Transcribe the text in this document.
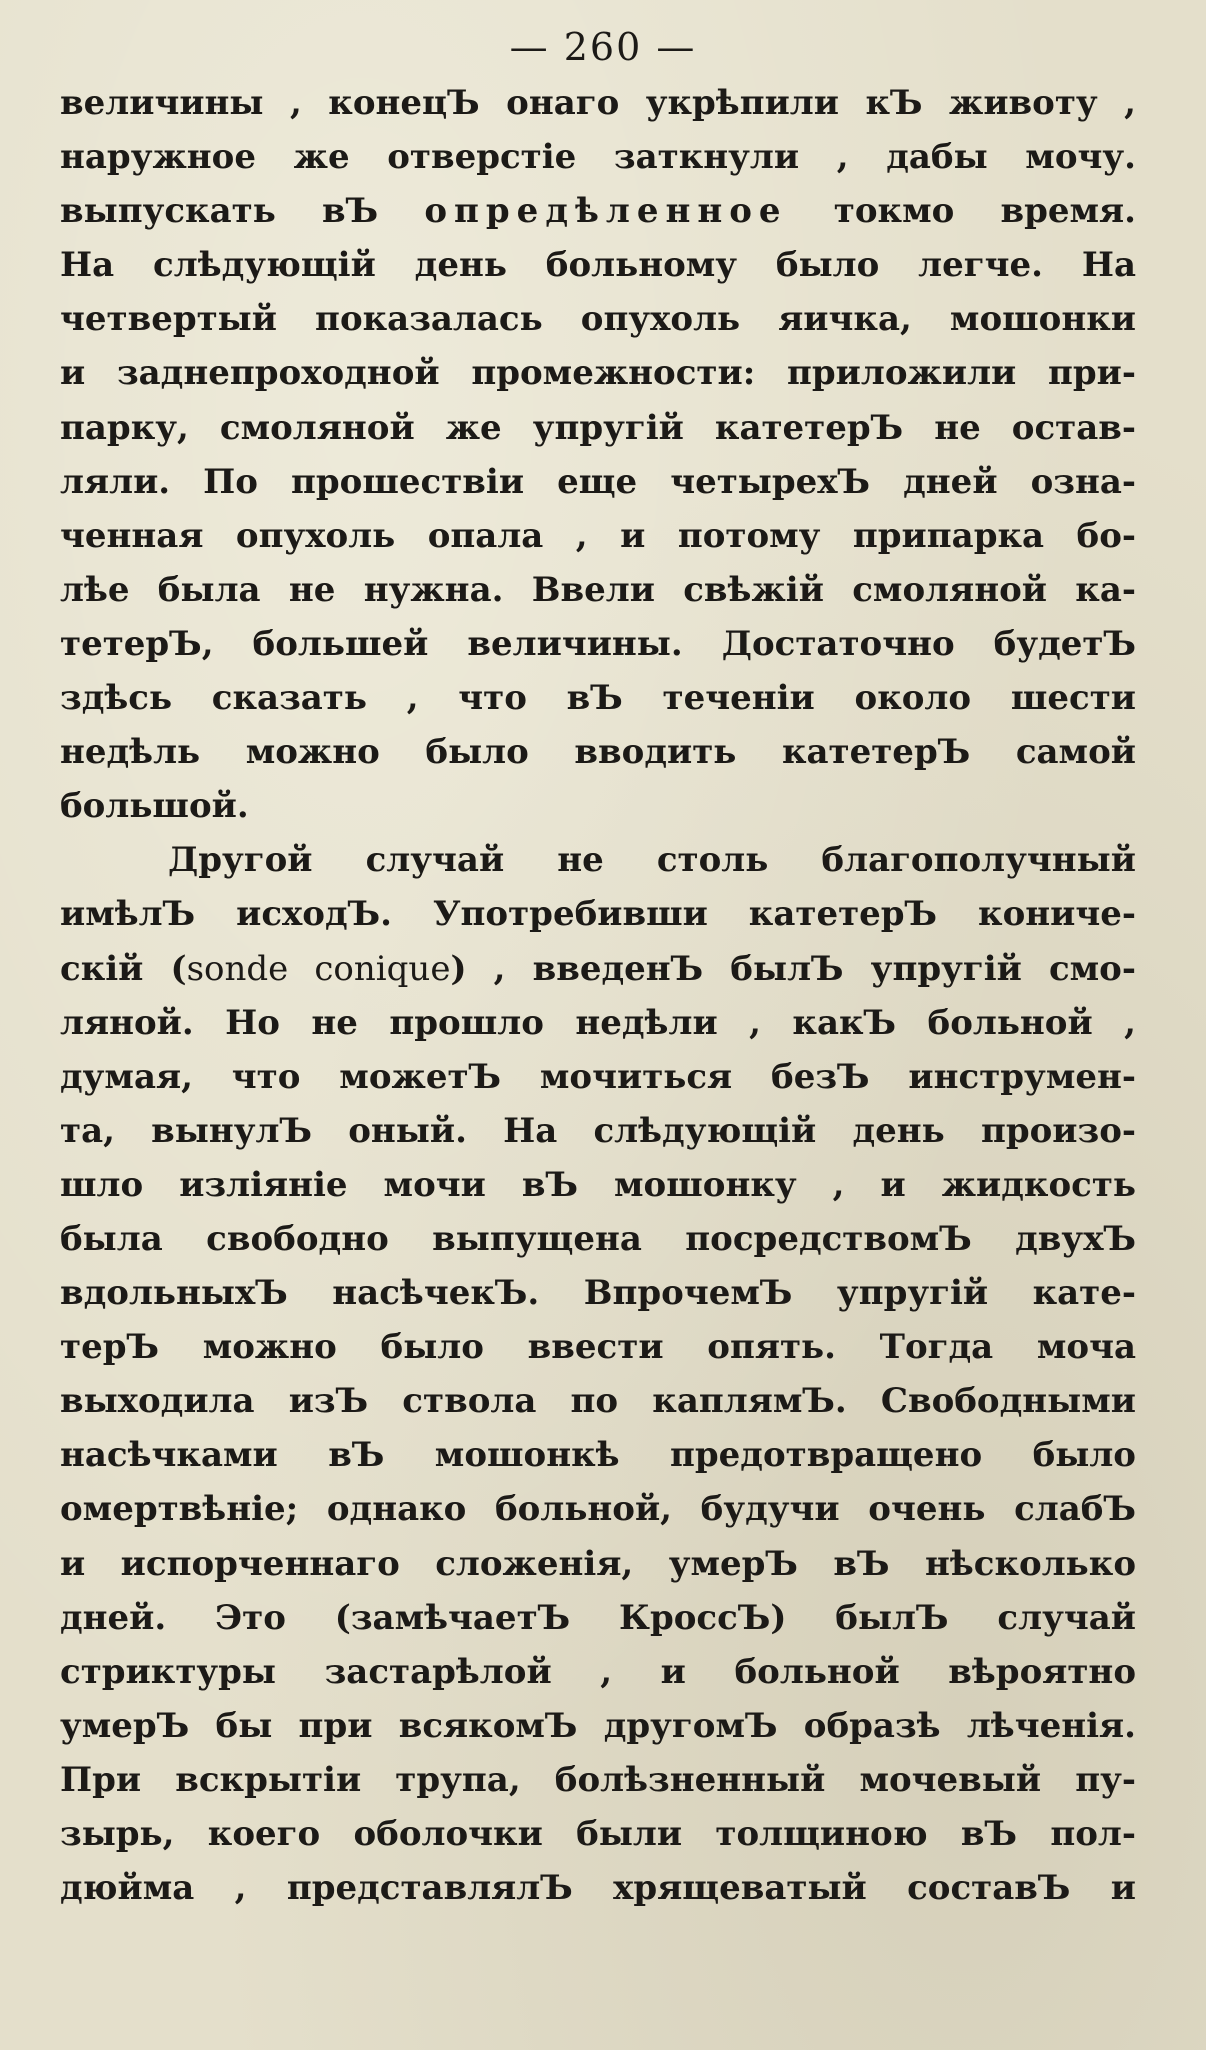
— 260 —
величины , конецЪ онаго укрѣпили кЪ животу ,
наружное же отверстіе заткнули , дабы мочу.
выпускать вЪ опредѣленное токмо время.
На слѣдующій день больному было легче. На
четвертый показалась опухоль яичка, мошонки
и заднепроходной промежности: приложили при-
парку, смоляной же упругій катетерЪ не остав-
ляли. По прошествіи еще четырехЪ дней озна-
ченная опухоль опала , и потому припарка бо-
лѣе была не нужна. Ввели свѣжій смоляной ка-
тетерЪ, большей величины. Достаточно будетЪ
здѣсь сказать , что вЪ теченіи около шести
недѣль можно было вводить катетерЪ самой
большой.
Другой случай не столь благополучный
имѣлЪ исходЪ. Употребивши катетерЪ коничe-
скій (sonde conique) , введенЪ былЪ упругій смо-
ляной. Но не прошло недѣли , какЪ больной ,
думая, что можетЪ мочиться безЪ инструмен-
та, вынулЪ оный. На слѣдующій день произо-
шло изліяніе мочи вЪ мошонку , и жидкость
была свободно выпущена посредствомЪ двухЪ
вдольныхЪ насѣчекЪ. ВпрочемЪ упругій кате-
терЪ можно было ввести опять. Тогда моча
выходила изЪ ствола по каплямЪ. Свободными
насѣчками вЪ мошонкѣ предотвращено было
омертвѣніе; однако больной, будучи очень слабЪ
и испорченнаго сложенія, умерЪ вЪ нѣсколько
дней. Это (замѣчаетЪ КроссЪ) былЪ случай
стриктуры застарѣлой , и больной вѣроятно
умерЪ бы при всякомЪ другомЪ образѣ лѣченія.
При вскрытіи трупа, болѣзненный мочевый пу-
зырь, коего оболочки были толщиною вЪ пол-
дюйма , представлялЪ хрящеватый составЪ и
